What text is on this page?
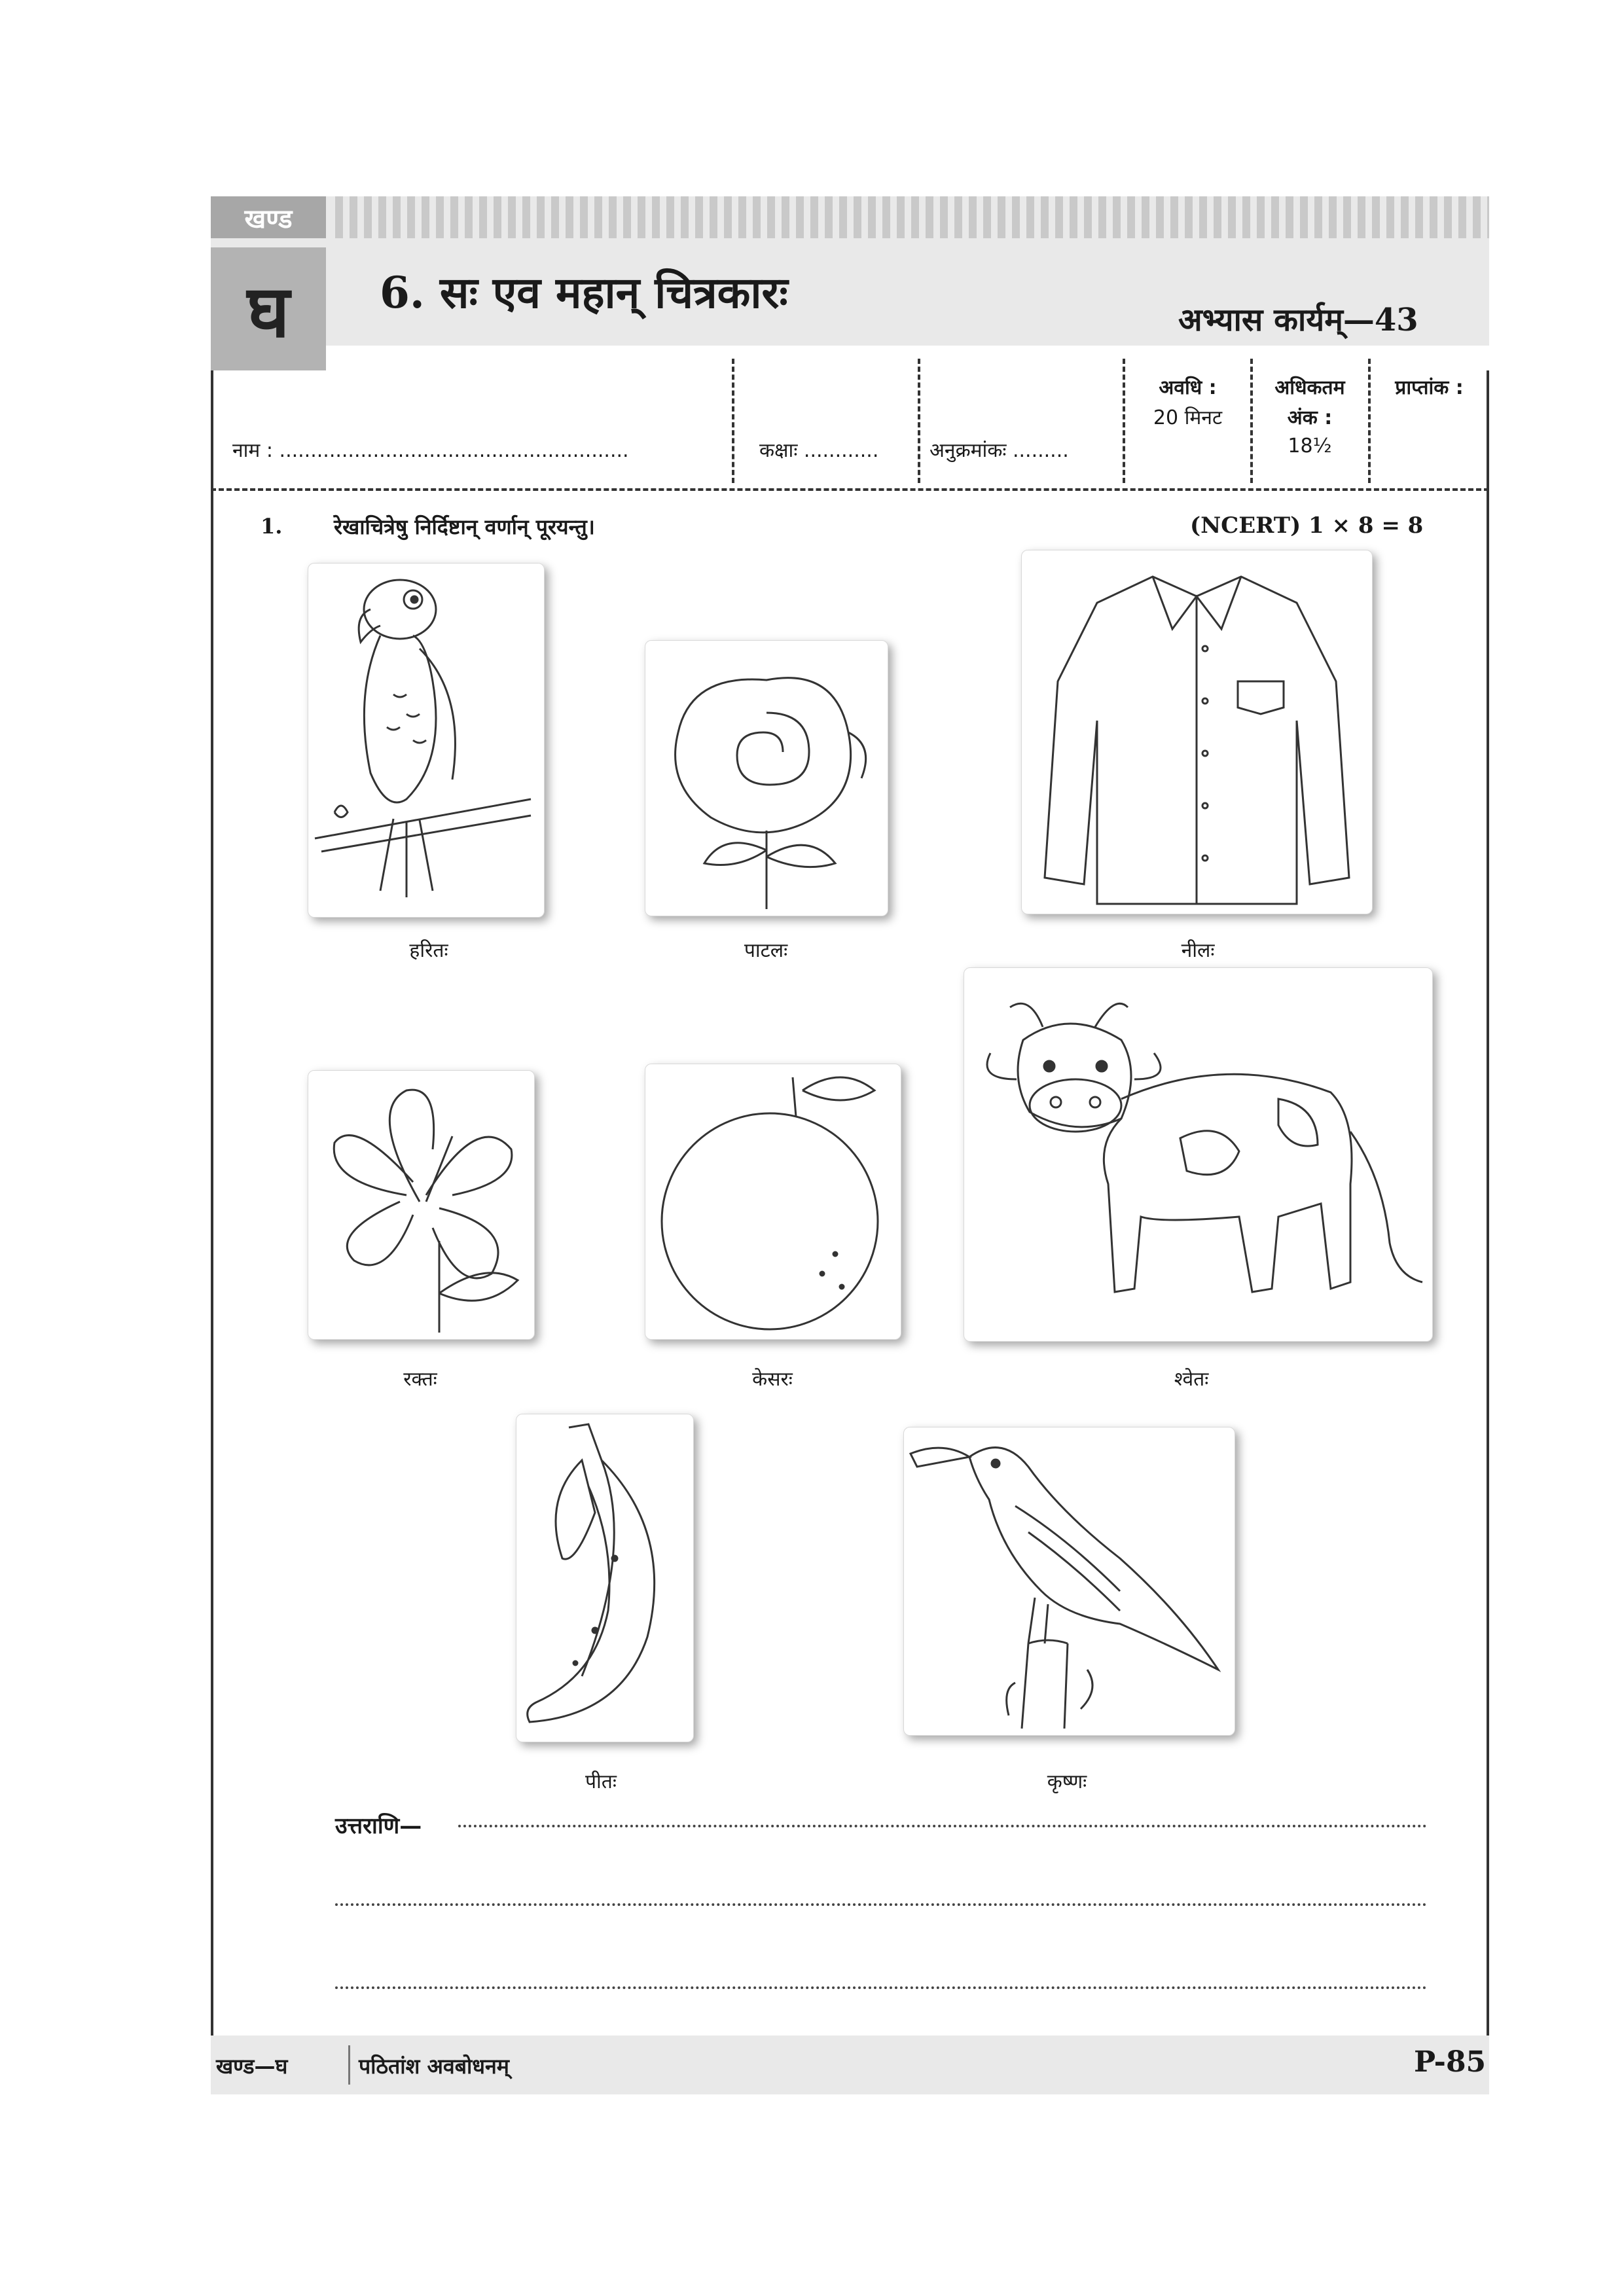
खण्ड
घ	6. सः एव महान् चित्रकारः
अभ्यास कार्यम्—43
नाम : ........................................................	कक्षाः ............	अनुक्रमांकः .........
अवधि :
20 मिनट
अधिकतम
अंक :
18½
प्राप्तांक :
1. रेखाचित्रेषु निर्दिष्टान् वर्णान् पूरयन्तु।	(NCERT) 1 × 8 = 8
हरितः	पाटलः	नीलः
रक्तः	केसरः	श्वेतः
पीतः	कृष्णः
उत्तराणि—
खण्ड—घ	पठितांश अवबोधनम्	P-85
